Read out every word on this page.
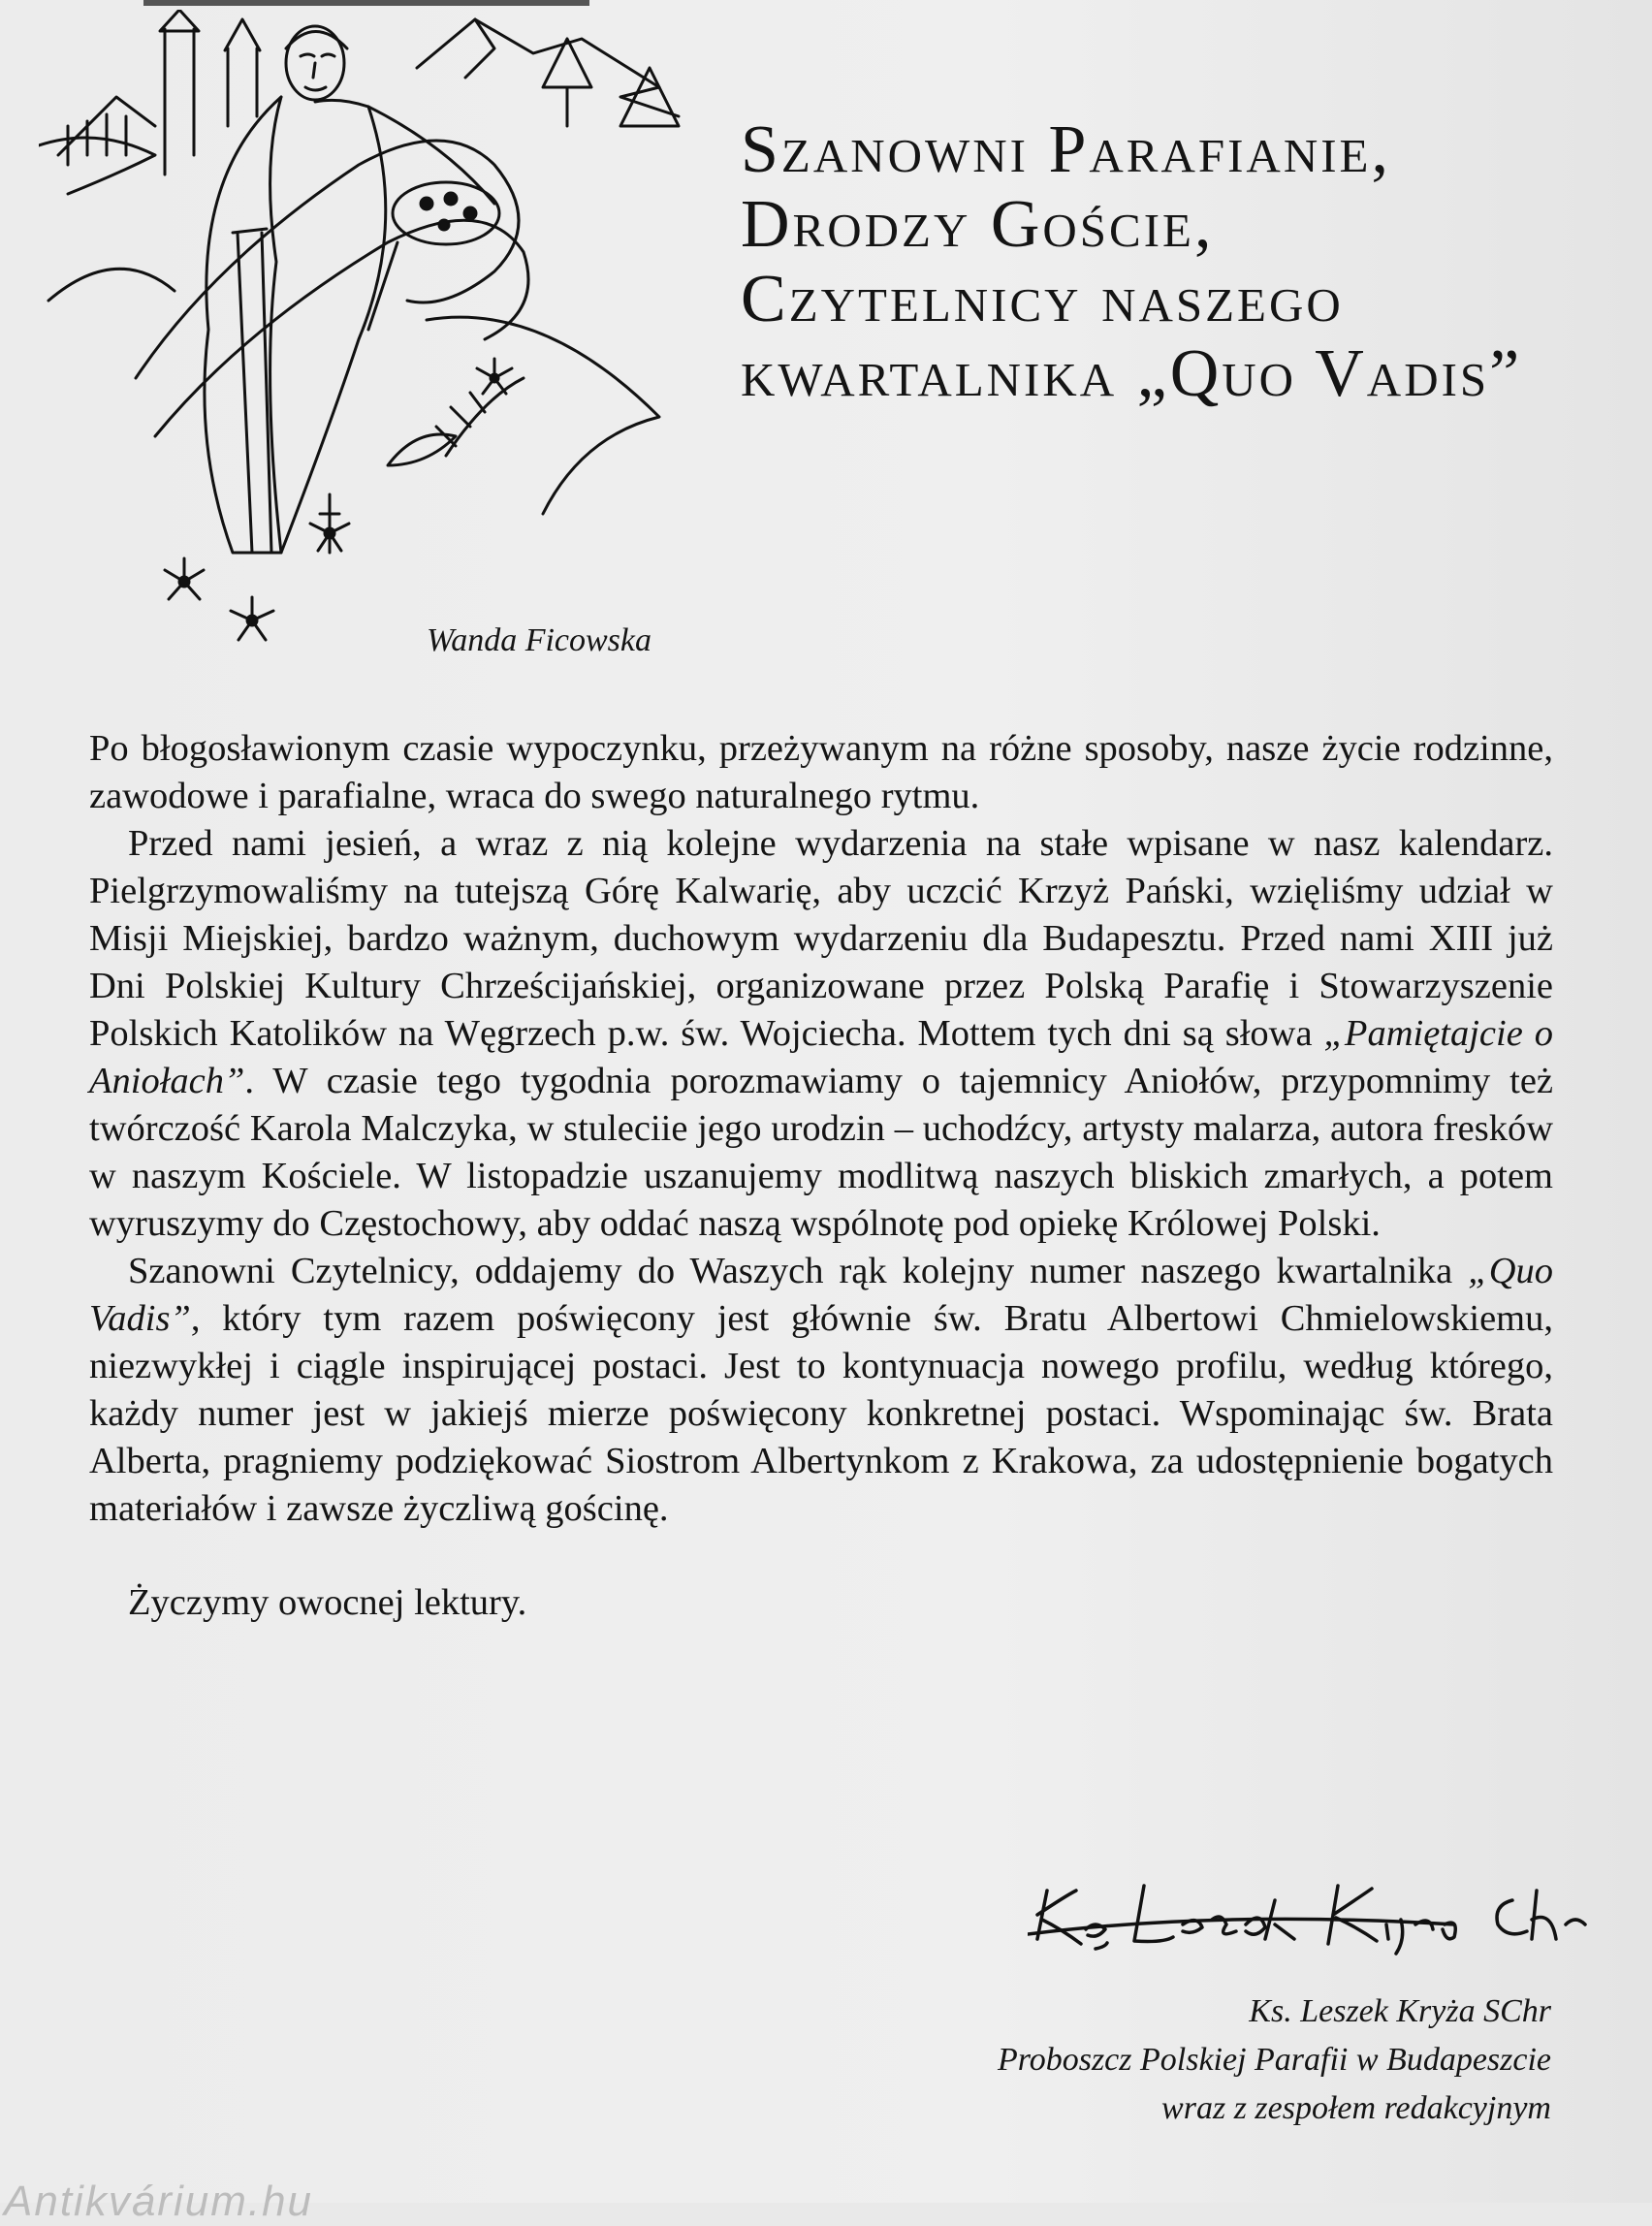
Wanda Ficowska
Szanowni Parafianie,
Drodzy Goście,
Czytelnicy naszego
kwartalnika „Quo Vadis”

Po błogosławionym czasie wypoczynku, przeżywanym na różne sposoby, nasze życie rodzinne, zawodowe i parafialne, wraca do swego naturalnego rytmu.

Przed nami jesień, a wraz z nią kolejne wydarzenia na stałe wpisane w nasz kalendarz. Pielgrzymowaliśmy na tutejszą Górę Kalwarię, aby uczcić Krzyż Pański, wzięliśmy udział w Misji Miejskiej, bardzo ważnym, duchowym wydarzeniu dla Budapesztu. Przed nami XIII już Dni Polskiej Kultury Chrześcijańskiej, organizowane przez Polską Parafię i Stowarzyszenie Polskich Katolików na Węgrzech p.w. św. Wojciecha. Mottem tych dni są słowa „Pamiętajcie o Aniołach”. W czasie tego tygodnia porozmawiamy o tajemnicy Aniołów, przypomnimy też twórczość Karola Malczyka, w stuleciie jego urodzin – uchodźcy, artysty malarza, autora fresków w naszym Kościele. W listopadzie uszanujemy modlitwą naszych bliskich zmarłych, a potem wyruszymy do Częstochowy, aby oddać naszą wspólnotę pod opiekę Królowej Polski.

Szanowni Czytelnicy, oddajemy do Waszych rąk kolejny numer naszego kwartalnika „Quo Vadis”, który tym razem poświęcony jest głównie św. Bratu Albertowi Chmielowskiemu, niezwykłej i ciągle inspirującej postaci. Jest to kontynuacja nowego profilu, według którego, każdy numer jest w jakiejś mierze poświęcony konkretnej postaci. Wspominając św. Brata Alberta, pragniemy podziękować Siostrom Albertynkom z Krakowa, za udostępnienie bogatych materiałów i zawsze życzliwą gościnę.

Życzymy owocnej lektury.

Ks. Leszek Kryża SChr
Proboszcz Polskiej Parafii w Budapeszcie
wraz z zespołem redakcyjnym
Antikvárium.hu
